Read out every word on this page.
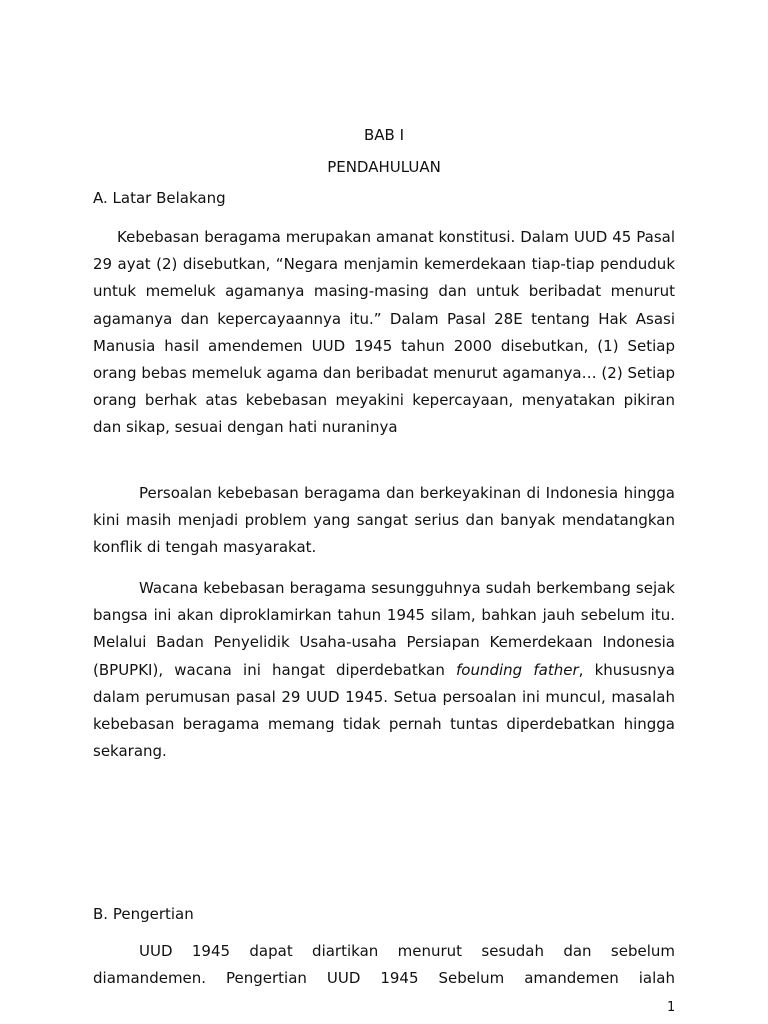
BAB I

PENDAHULUAN

A. Latar Belakang

Kebebasan beragama merupakan amanat konstitusi. Dalam UUD 45 Pasal 29 ayat (2) disebutkan, “Negara menjamin kemerdekaan tiap-tiap penduduk untuk memeluk agamanya masing-masing dan untuk beribadat menurut agamanya dan kepercayaannya itu.” Dalam Pasal 28E tentang Hak Asasi Manusia hasil amendemen UUD 1945 tahun 2000 disebutkan, (1) Setiap orang bebas memeluk agama dan beribadat menurut agamanya… (2) Setiap orang berhak atas kebebasan meyakini kepercayaan, menyatakan pikiran dan sikap, sesuai dengan hati nuraninya

Persoalan kebebasan beragama dan berkeyakinan di Indonesia hingga kini masih menjadi problem yang sangat serius dan banyak mendatangkan konflik di tengah masyarakat.

Wacana kebebasan beragama sesungguhnya sudah berkembang sejak bangsa ini akan diproklamirkan tahun 1945 silam, bahkan jauh sebelum itu. Melalui Badan Penyelidik Usaha-usaha Persiapan Kemerdekaan Indonesia (BPUPKI), wacana ini hangat diperdebatkan founding father, khususnya dalam perumusan pasal 29 UUD 1945. Setua persoalan ini muncul, masalah kebebasan beragama memang tidak pernah tuntas diperdebatkan hingga sekarang.

B. Pengertian

UUD 1945 dapat diartikan menurut sesudah dan sebelum diamandemen. Pengertian UUD 1945 Sebelum amandemen ialah

1
